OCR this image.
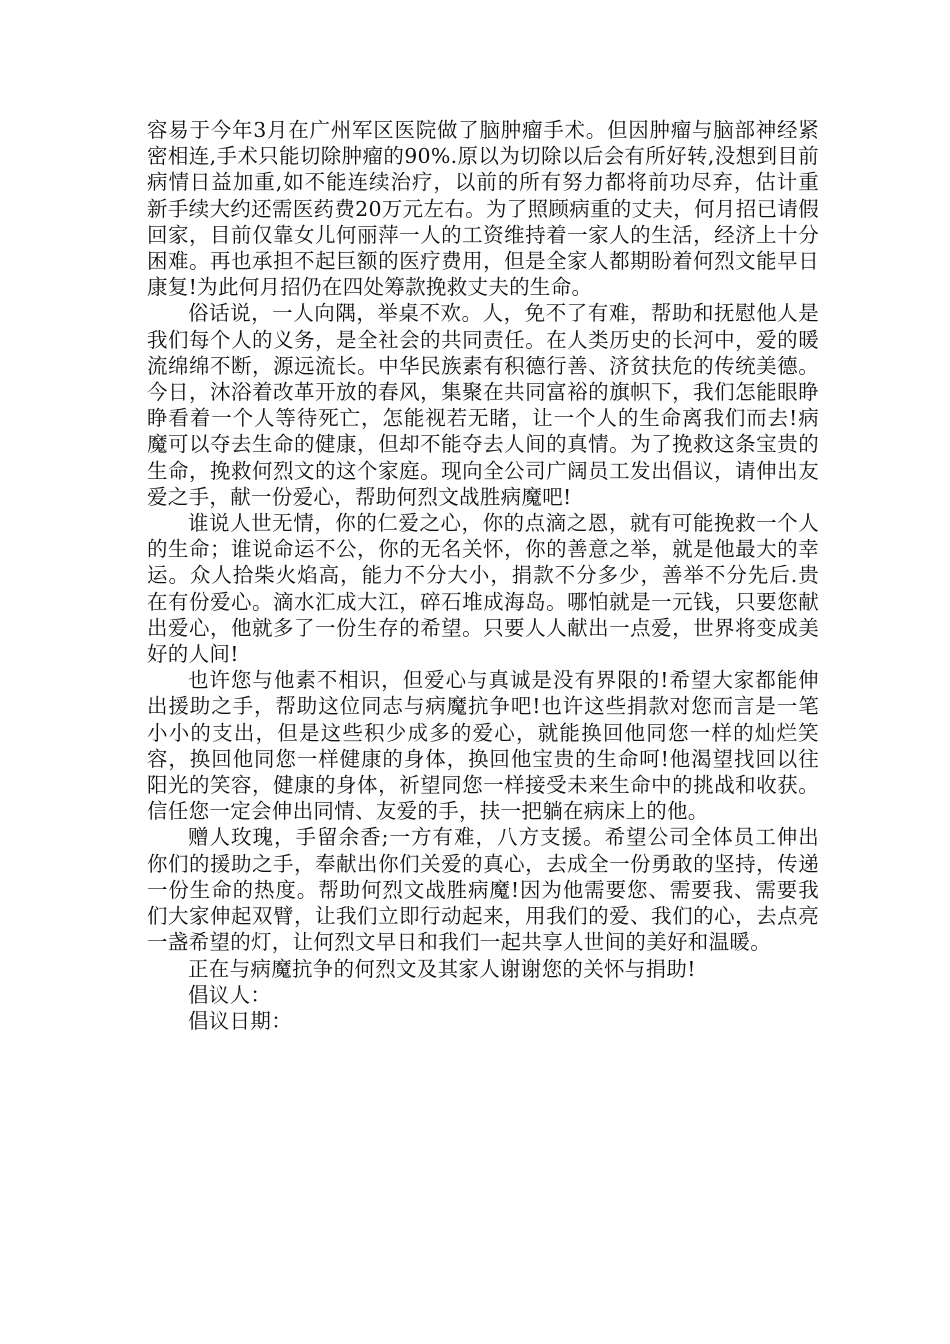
容易于今年3月在广州军区医院做了脑肿瘤手术。但因肿瘤与脑部神经紧密相连,手术只能切除肿瘤的90%.原以为切除以后会有所好转,没想到目前病情日益加重,如不能连续治疗，以前的所有努力都将前功尽弃，估计重新手续大约还需医药费20万元左右。为了照顾病重的丈夫，何月招已请假回家，目前仅靠女儿何丽萍一人的工资维持着一家人的生活，经济上十分困难。再也承担不起巨额的医疗费用，但是全家人都期盼着何烈文能早日康复!为此何月招仍在四处筹款挽救丈夫的生命。

俗话说，一人向隅，举桌不欢。人，免不了有难，帮助和抚慰他人是我们每个人的义务，是全社会的共同责任。在人类历史的长河中，爱的暖流绵绵不断，源远流长。中华民族素有积德行善、济贫扶危的传统美德。今日，沐浴着改革开放的春风，集聚在共同富裕的旗帜下，我们怎能眼睁睁看着一个人等待死亡，怎能视若无睹，让一个人的生命离我们而去!病魔可以夺去生命的健康，但却不能夺去人间的真情。为了挽救这条宝贵的生命，挽救何烈文的这个家庭。现向全公司广阔员工发出倡议，请伸出友爱之手，献一份爱心，帮助何烈文战胜病魔吧!

谁说人世无情，你的仁爱之心，你的点滴之恩，就有可能挽救一个人的生命；谁说命运不公，你的无名关怀，你的善意之举，就是他最大的幸运。众人拾柴火焰高，能力不分大小，捐款不分多少，善举不分先后.贵在有份爱心。滴水汇成大江，碎石堆成海岛。哪怕就是一元钱，只要您献出爱心，他就多了一份生存的希望。只要人人献出一点爱，世界将变成美好的人间!

也许您与他素不相识，但爱心与真诚是没有界限的!希望大家都能伸出援助之手，帮助这位同志与病魔抗争吧!也许这些捐款对您而言是一笔小小的支出，但是这些积少成多的爱心，就能换回他同您一样的灿烂笑容，换回他同您一样健康的身体，换回他宝贵的生命呵!他渴望找回以往阳光的笑容，健康的身体，祈望同您一样接受未来生命中的挑战和收获。信任您一定会伸出同情、友爱的手，扶一把躺在病床上的他。

赠人玫瑰，手留余香;一方有难，八方支援。希望公司全体员工伸出你们的援助之手，奉献出你们关爱的真心，去成全一份勇敢的坚持，传递一份生命的热度。帮助何烈文战胜病魔!因为他需要您、需要我、需要我们大家伸起双臂，让我们立即行动起来，用我们的爱、我们的心，去点亮一盏希望的灯，让何烈文早日和我们一起共享人世间的美好和温暖。

正在与病魔抗争的何烈文及其家人谢谢您的关怀与捐助!

倡议人：

倡议日期：
